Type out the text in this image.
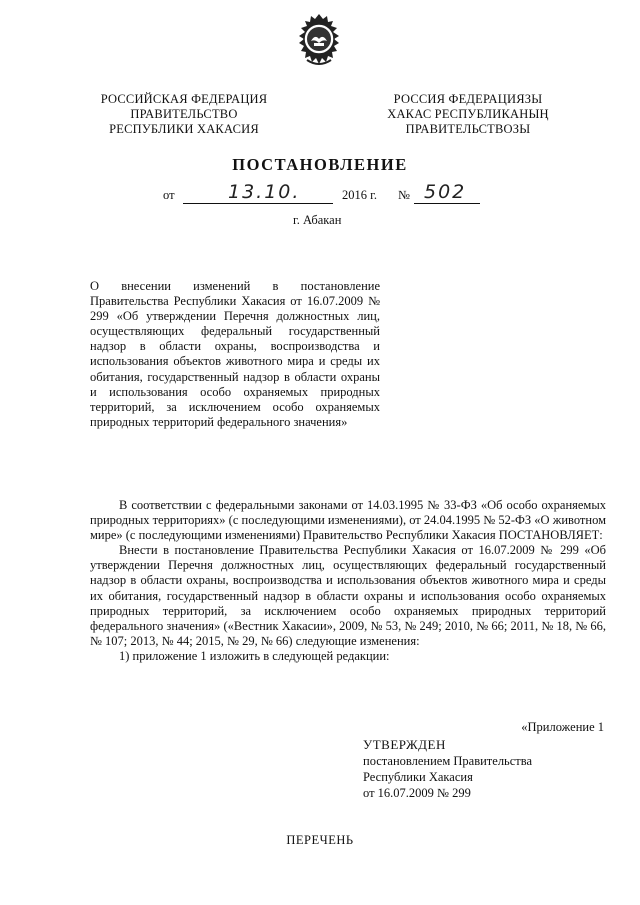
РОССИЙСКАЯ ФЕДЕРАЦИЯ
ПРАВИТЕЛЬСТВО
РЕСПУБЛИКИ ХАКАСИЯ
РОССИЯ ФЕДЕРАЦИЯЗЫ
ХАКАС РЕСПУБЛИКАНЫҢ
ПРАВИТЕЛЬСТВОЗЫ
ПОСТАНОВЛЕНИЕ
от	13.10.	2016 г. № 502
г. Абакан
О внесении изменений в постановление Правительства Республики Хакасия от 16.07.2009 № 299 «Об утверждении Перечня должностных лиц, осуществляющих федеральный государственный надзор в области охраны, воспроизводства и использования объектов животного мира и среды их обитания, государственный надзор в области охраны и использования особо охраняемых природных территорий, за исключением особо охраняемых природных территорий федерального значения»

В соответствии с федеральными законами от 14.03.1995 № 33-ФЗ «Об особо охраняемых природных территориях» (с последующими изменениями), от 24.04.1995 № 52-ФЗ «О животном мире» (с последующими изменениями) Правительство Республики Хакасия ПОСТАНОВЛЯЕТ:

Внести в постановление Правительства Республики Хакасия от 16.07.2009 № 299 «Об утверждении Перечня должностных лиц, осуществляющих федеральный государственный надзор в области охраны, воспроизводства и использования объектов животного мира и среды их обитания, государственный надзор в области охраны и использования особо охраняемых природных территорий, за исключением особо охраняемых природных территорий федерального значения» («Вестник Хакасии», 2009, № 53, № 249; 2010, № 66; 2011, № 18, № 66, № 107; 2013, № 44; 2015, № 29, № 66) следующие изменения:

1) приложение 1 изложить в следующей редакции:

«Приложение 1
УТВЕРЖДЕН
постановлением Правительства
Республики Хакасия
от 16.07.2009 № 299
ПЕРЕЧЕНЬ
